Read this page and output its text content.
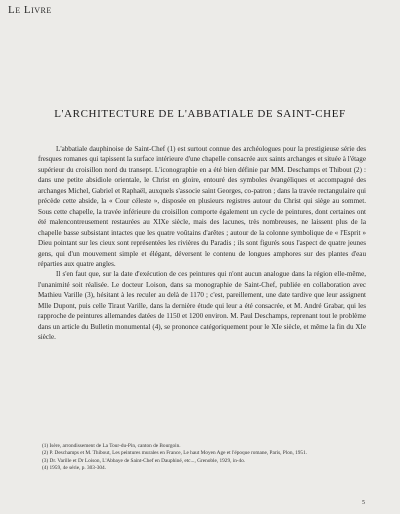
Le Livre
L'ARCHITECTURE DE L'ABBATIALE DE SAINT-CHEF

L'abbatiale dauphinoise de Saint-Chef (1) est surtout connue des archéologues pour la prestigieuse série des fresques romanes qui tapissent la surface intérieure d'une chapelle consacrée aux saints archanges et située à l'étage supérieur du croisillon nord du transept. L'iconographie en a été bien définie par MM. Deschamps et Thibout (2) : dans une petite absidiole orientale, le Christ en gloire, entouré des symboles évangéliques et accompagné des archanges Michel, Gabriel et Raphaël, auxquels s'associe saint Georges, co-patron ; dans la travée rectangulaire qui précède cette abside, la « Cour céleste », disposée en plusieurs registres autour du Christ qui siège au sommet. Sous cette chapelle, la travée inférieure du croisillon comporte également un cycle de peintures, dont certaines ont été malencontreusement restaurées au XIXe siècle, mais des lacunes, très nombreuses, ne laissent plus de la chapelle basse subsistant intactes que les quatre voûtains d'arêtes ; autour de la colonne symbolique de « l'Esprit » Dieu pointant sur les cieux sont représentées les rivières du Paradis ; ils sont figurés sous l'aspect de quatre jeunes gens, qui d'un mouvement simple et élégant, déversent le contenu de longues amphores sur des plantes d'eau réparties aux quatre angles.

Il s'en faut que, sur la date d'exécution de ces peintures qui n'ont aucun analogue dans la région elle-même, l'unanimité soit réalisée. Le docteur Loison, dans sa monographie de Saint-Chef, publiée en collaboration avec Mathieu Varille (3), hésitant à les reculer au delà de 1170 ; c'est, pareillement, une date tardive que leur assignent Mlle Dupont, puis celle Tiraut Varille, dans la dernière étude qui leur a été consacrée, et M. André Grabar, qui les rapproche de peintures allemandes datées de 1150 et 1200 environ. M. Paul Deschamps, reprenant tout le problème dans un article du Bulletin monumental (4), se prononce catégoriquement pour le XIe siècle, et même la fin du XIe siècle.

(1) Isère, arrondissement de La Tour-du-Pin, canton de Bourgoin.

(2) P. Deschamps et M. Thibout, Les peintures murales en France, Le haut Moyen Age et l'époque romane, Paris, Plon, 1951.

(3) Dr. Varille et Dr Loison, L'Abbaye de Saint-Chef en Dauphiné, etc..., Grenoble, 1929, in-4o.

(4) 1959, 4e série, p. 303-304.

5
